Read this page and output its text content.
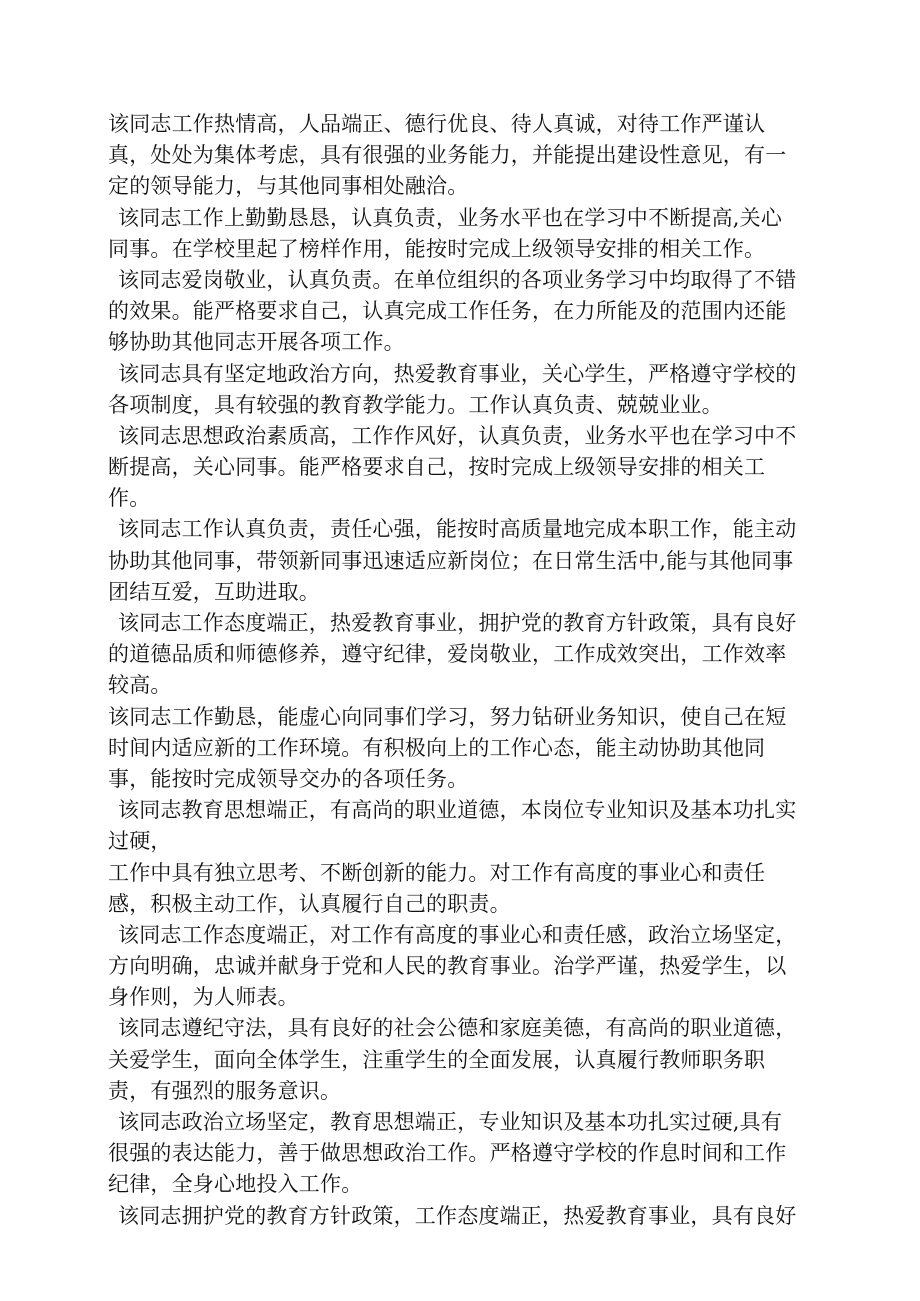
该同志工作热情高，人品端正、德行优良、待人真诚，对待工作严谨认
真，处处为集体考虑，具有很强的业务能力，并能提出建设性意见，有一
定的领导能力，与其他同事相处融洽。
该同志工作上勤勤恳恳，认真负责，业务水平也在学习中不断提高,关心
同事。在学校里起了榜样作用，能按时完成上级领导安排的相关工作。
该同志爱岗敬业，认真负责。在单位组织的各项业务学习中均取得了不错
的效果。能严格要求自己，认真完成工作任务，在力所能及的范围内还能
够协助其他同志开展各项工作。
该同志具有坚定地政治方向，热爱教育事业，关心学生，严格遵守学校的
各项制度，具有较强的教育教学能力。工作认真负责、兢兢业业。
该同志思想政治素质高，工作作风好，认真负责，业务水平也在学习中不
断提高，关心同事。能严格要求自己，按时完成上级领导安排的相关工
作。
该同志工作认真负责，责任心强，能按时高质量地完成本职工作，能主动
协助其他同事，带领新同事迅速适应新岗位；在日常生活中,能与其他同事
团结互爱，互助进取。
该同志工作态度端正，热爱教育事业，拥护党的教育方针政策，具有良好
的道德品质和师德修养，遵守纪律，爱岗敬业，工作成效突出，工作效率
较高。
该同志工作勤恳，能虚心向同事们学习，努力钻研业务知识，使自己在短
时间内适应新的工作环境。有积极向上的工作心态，能主动协助其他同
事，能按时完成领导交办的各项任务。
该同志教育思想端正，有高尚的职业道德，本岗位专业知识及基本功扎实
过硬，
工作中具有独立思考、不断创新的能力。对工作有高度的事业心和责任
感，积极主动工作，认真履行自己的职责。
该同志工作态度端正，对工作有高度的事业心和责任感，政治立场坚定，
方向明确，忠诚并献身于党和人民的教育事业。治学严谨，热爱学生，以
身作则，为人师表。
该同志遵纪守法，具有良好的社会公德和家庭美德，有高尚的职业道德，
关爱学生，面向全体学生，注重学生的全面发展，认真履行教师职务职
责，有强烈的服务意识。
该同志政治立场坚定，教育思想端正，专业知识及基本功扎实过硬,具有
很强的表达能力，善于做思想政治工作。严格遵守学校的作息时间和工作
纪律，全身心地投入工作。
该同志拥护党的教育方针政策，工作态度端正，热爱教育事业，具有良好
